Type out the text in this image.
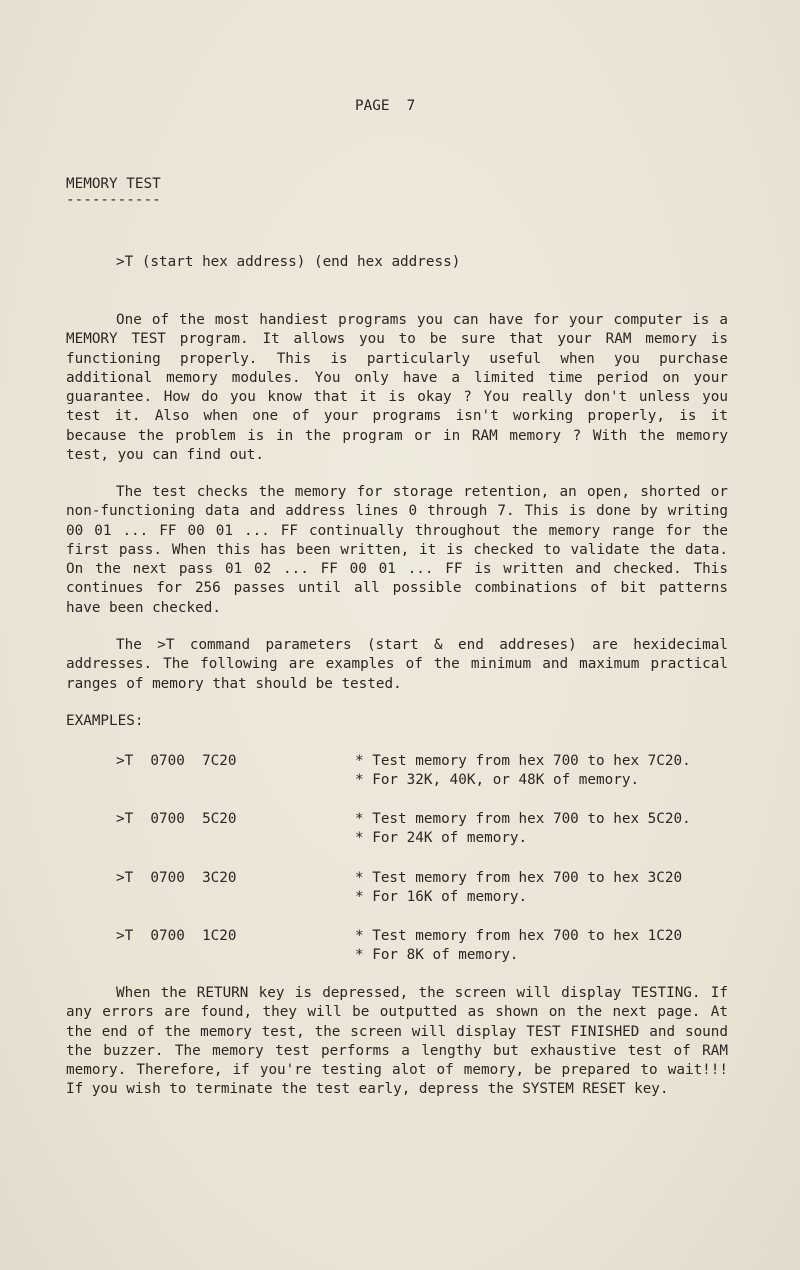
PAGE  7
MEMORY TEST
-----------
>T (start hex address) (end hex address)

One of the most handiest programs you can have for your computer is a MEMORY TEST program. It allows you to be sure that your RAM memory is functioning properly. This is particularly useful when you purchase additional memory modules. You only have a limited time period on your guarantee. How do you know that it is okay ? You really don't unless you test it. Also when one of your programs isn't working properly, is it because the problem is in the program or in RAM memory ? With the memory test, you can find out.

The test checks the memory for storage retention, an open, shorted or non-functioning data and address lines 0 through 7. This is done by writing 00 01 ... FF 00 01 ... FF continually throughout the memory range for the first pass. When this has been written, it is checked to validate the data. On the next pass 01 02 ... FF 00 01 ... FF is written and checked. This continues for 256 passes until all possible combinations of bit patterns have been checked.

The >T command parameters (start & end addreses) are hexidecimal addresses. The following are examples of the minimum and maximum practical ranges of memory that should be tested.

EXAMPLES:
>T  0700  7C20	* Test memory from hex 700 to hex 7C20.
* For 32K, 40K, or 48K of memory.
>T  0700  5C20	* Test memory from hex 700 to hex 5C20.
* For 24K of memory.
>T  0700  3C20	* Test memory from hex 700 to hex 3C20
* For 16K of memory.
>T  0700  1C20	* Test memory from hex 700 to hex 1C20
* For 8K of memory.

When the RETURN key is depressed, the screen will display TESTING. If any errors are found, they will be outputted as shown on the next page. At the end of the memory test, the screen will display TEST FINISHED and sound the buzzer. The memory test performs a lengthy but exhaustive test of RAM memory. Therefore, if you're testing alot of memory, be prepared to wait!!! If you wish to terminate the test early, depress the SYSTEM RESET key.
